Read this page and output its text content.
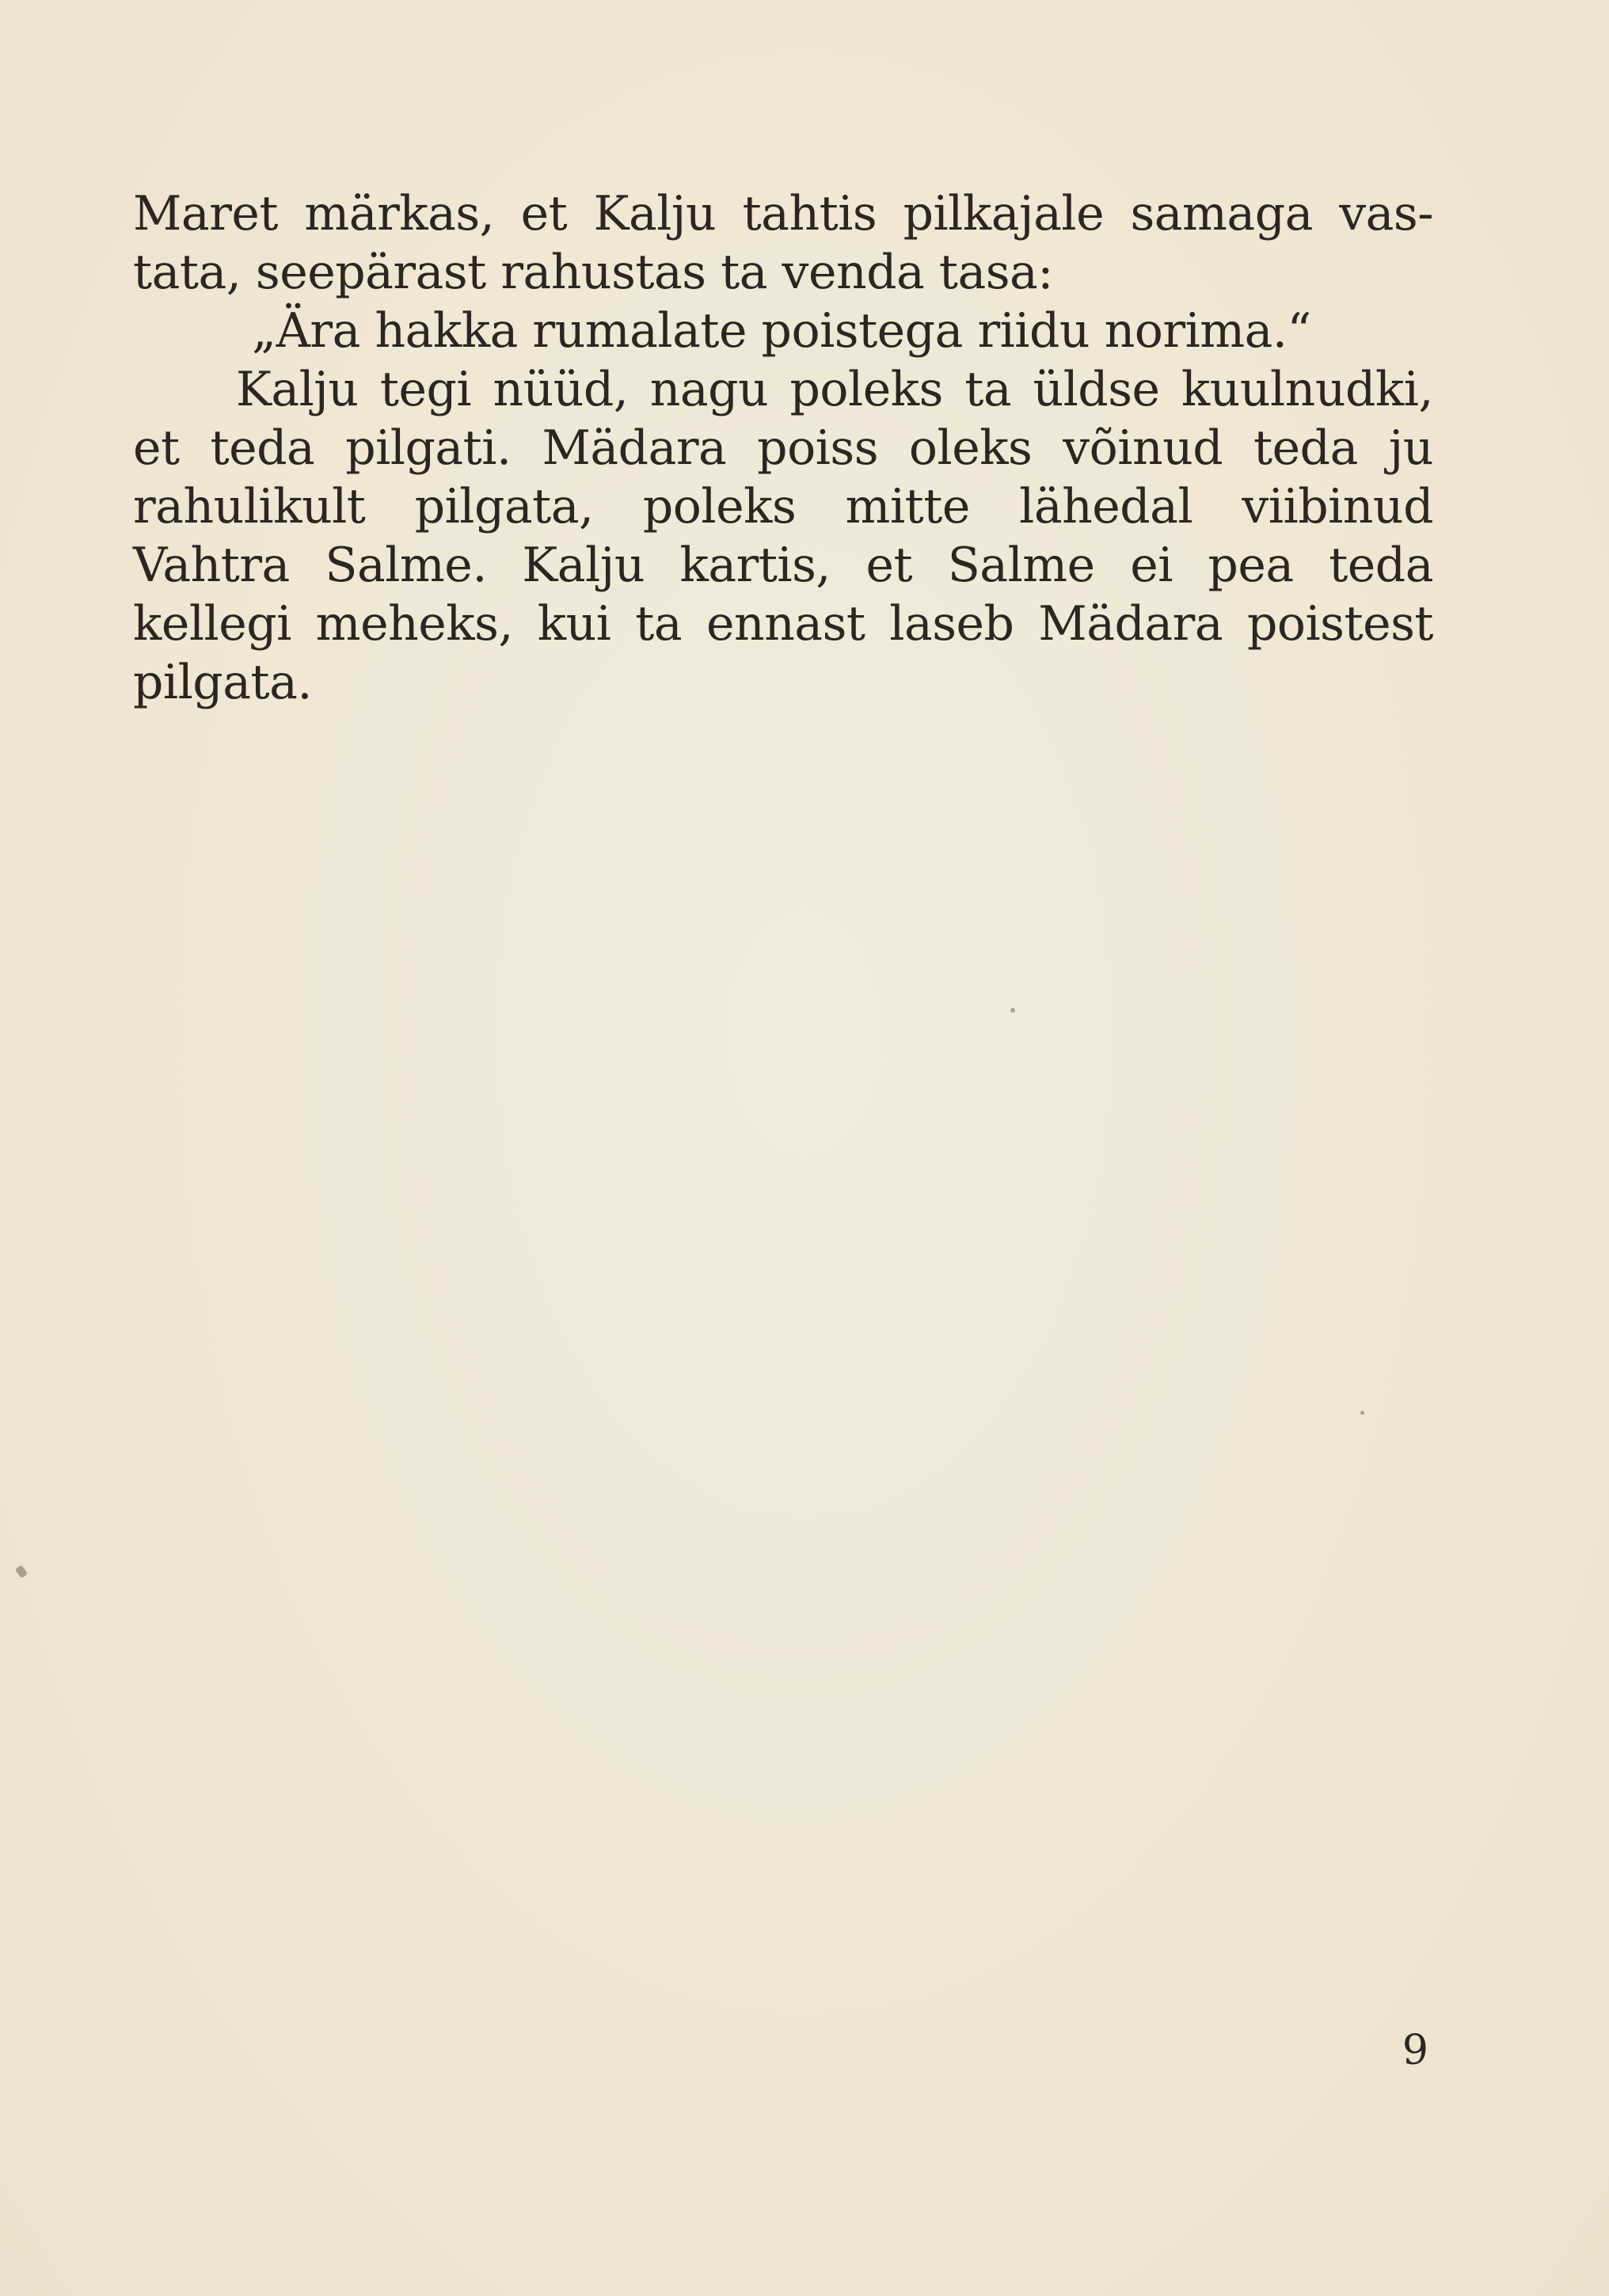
Maret märkas, et Kalju tahtis pilkajale samaga vas-
tata, seepärast rahustas ta venda tasa:
„Ära hakka rumalate poistega riidu norima.“
Kalju tegi nüüd, nagu poleks ta üldse kuulnudki,
et teda pilgati. Mädara poiss oleks võinud teda ju
rahulikult pilgata, poleks mitte lähedal viibinud
Vahtra Salme. Kalju kartis, et Salme ei pea teda
kellegi meheks, kui ta ennast laseb Mädara poistest
pilgata.
9
